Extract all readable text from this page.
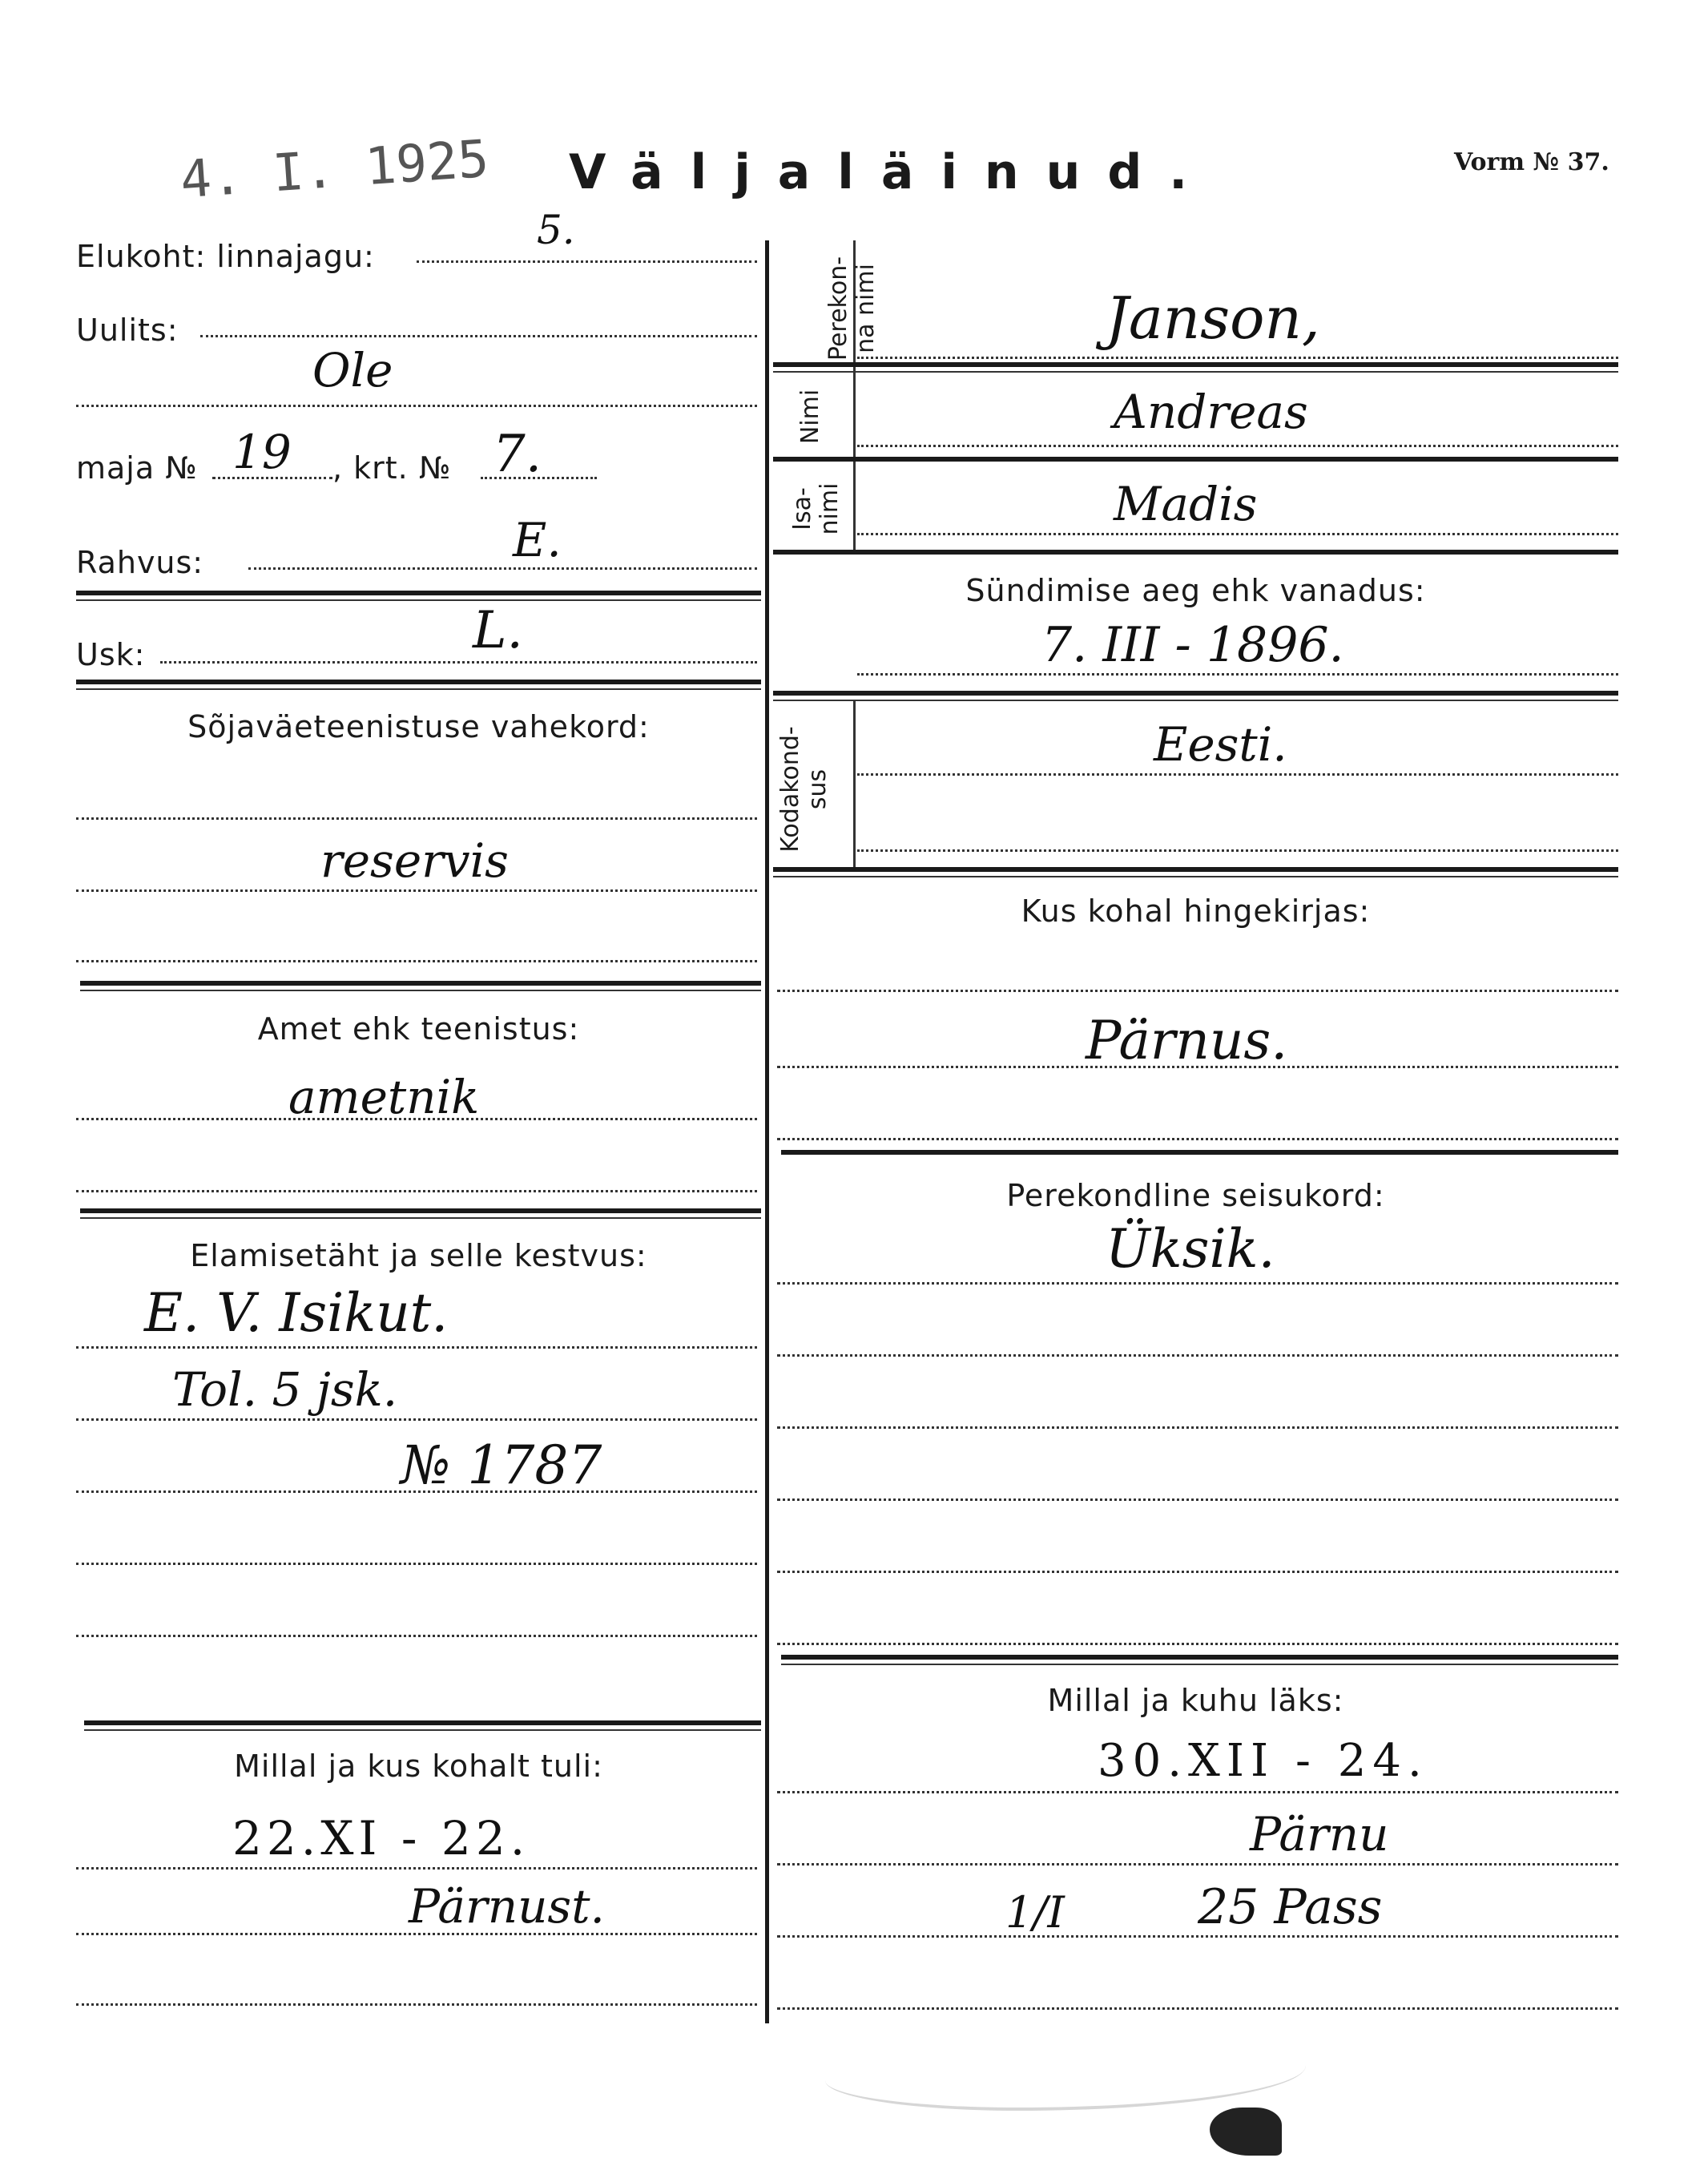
4. I. 1925 Väljaläinud.	Vorm № 37.
Elukoht: linnajagu:
5.
Uulits:
Ole
maja № 19 , krt. № 7.
Rahvus:	E.
Usk:	L.
Sõjaväeteenistuse vahekord:
reservis
Amet ehk teenistus:
ametnik
Elamisetäht ja selle kestvus:
E. V. Isikut.
Tol. 5 jsk.
№ 1787
Millal ja kus kohalt tuli:
22.XI - 22.
Pärnust.
Perekon-
na nimi	Janson,
Nimi	Andreas
Isa-
nimi	Madis
Sündimise aeg ehk vanadus:
7. III - 1896.
Kodakond-
sus
Eesti.
Kus kohal hingekirjas:
Pärnus.
Perekondline seisukord:
Üksik.
Millal ja kuhu läks:
30.XII - 24.
Pärnu
1/I	25 Pass
